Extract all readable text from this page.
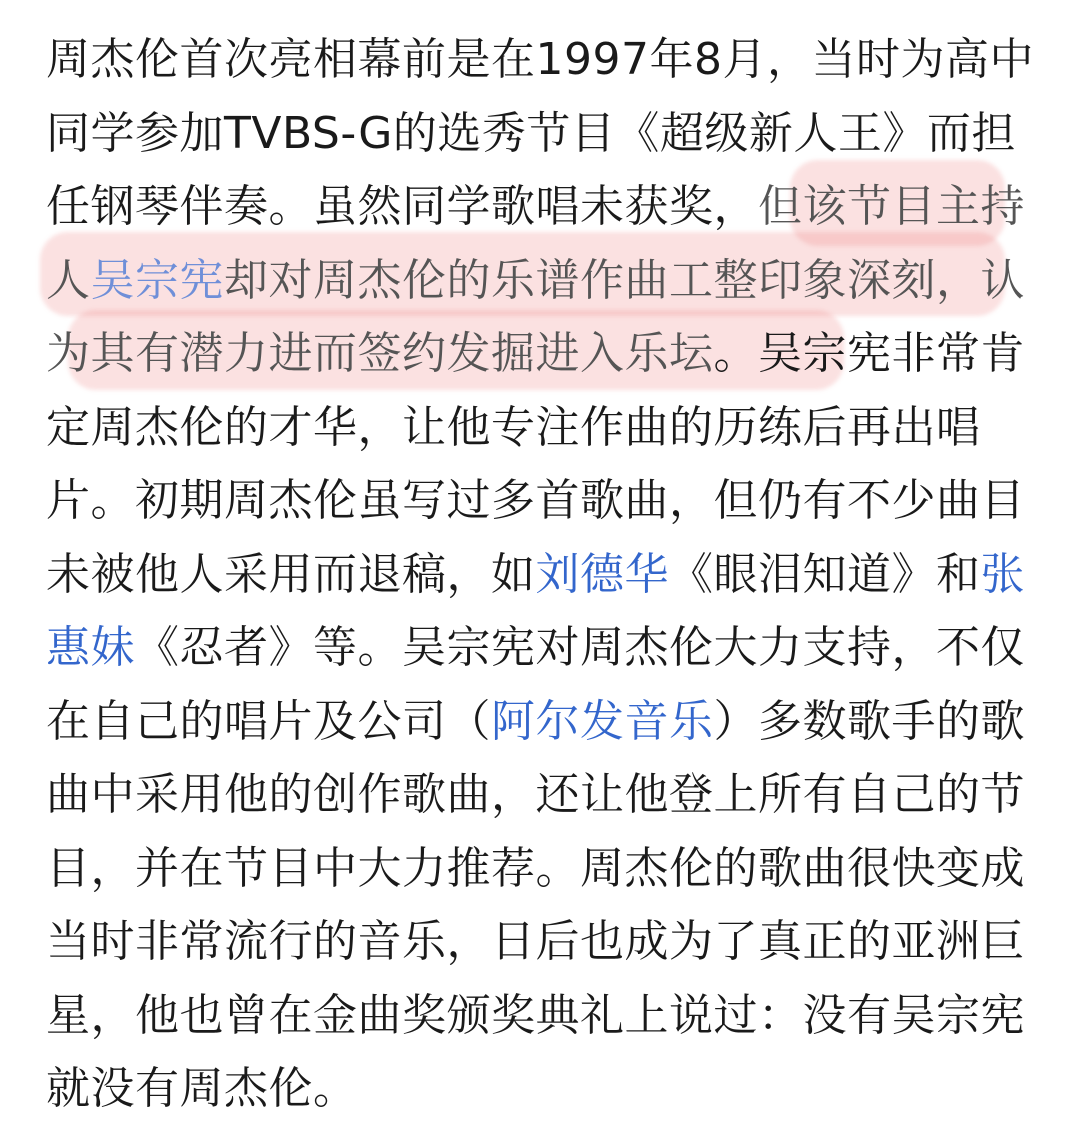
周杰伦首次亮相幕前是在1997年8月，当时为高中同学参加TVBS-G的选秀节目《超级新人王》而担任钢琴伴奏。虽然同学歌唱未获奖，但该节目主持人吴宗宪却对周杰伦的乐谱作曲工整印象深刻，认为其有潜力进而签约发掘进入乐坛。吴宗宪非常肯定周杰伦的才华，让他专注作曲的历练后再出唱片。初期周杰伦虽写过多首歌曲，但仍有不少曲目未被他人采用而退稿，如刘德华《眼泪知道》和张惠妹《忍者》等。吴宗宪对周杰伦大力支持，不仅在自己的唱片及公司（阿尔发音乐）多数歌手的歌曲中采用他的创作歌曲，还让他登上所有自己的节目，并在节目中大力推荐。周杰伦的歌曲很快变成当时非常流行的音乐，日后也成为了真正的亚洲巨星，他也曾在金曲奖颁奖典礼上说过：没有吴宗宪就没有周杰伦。
